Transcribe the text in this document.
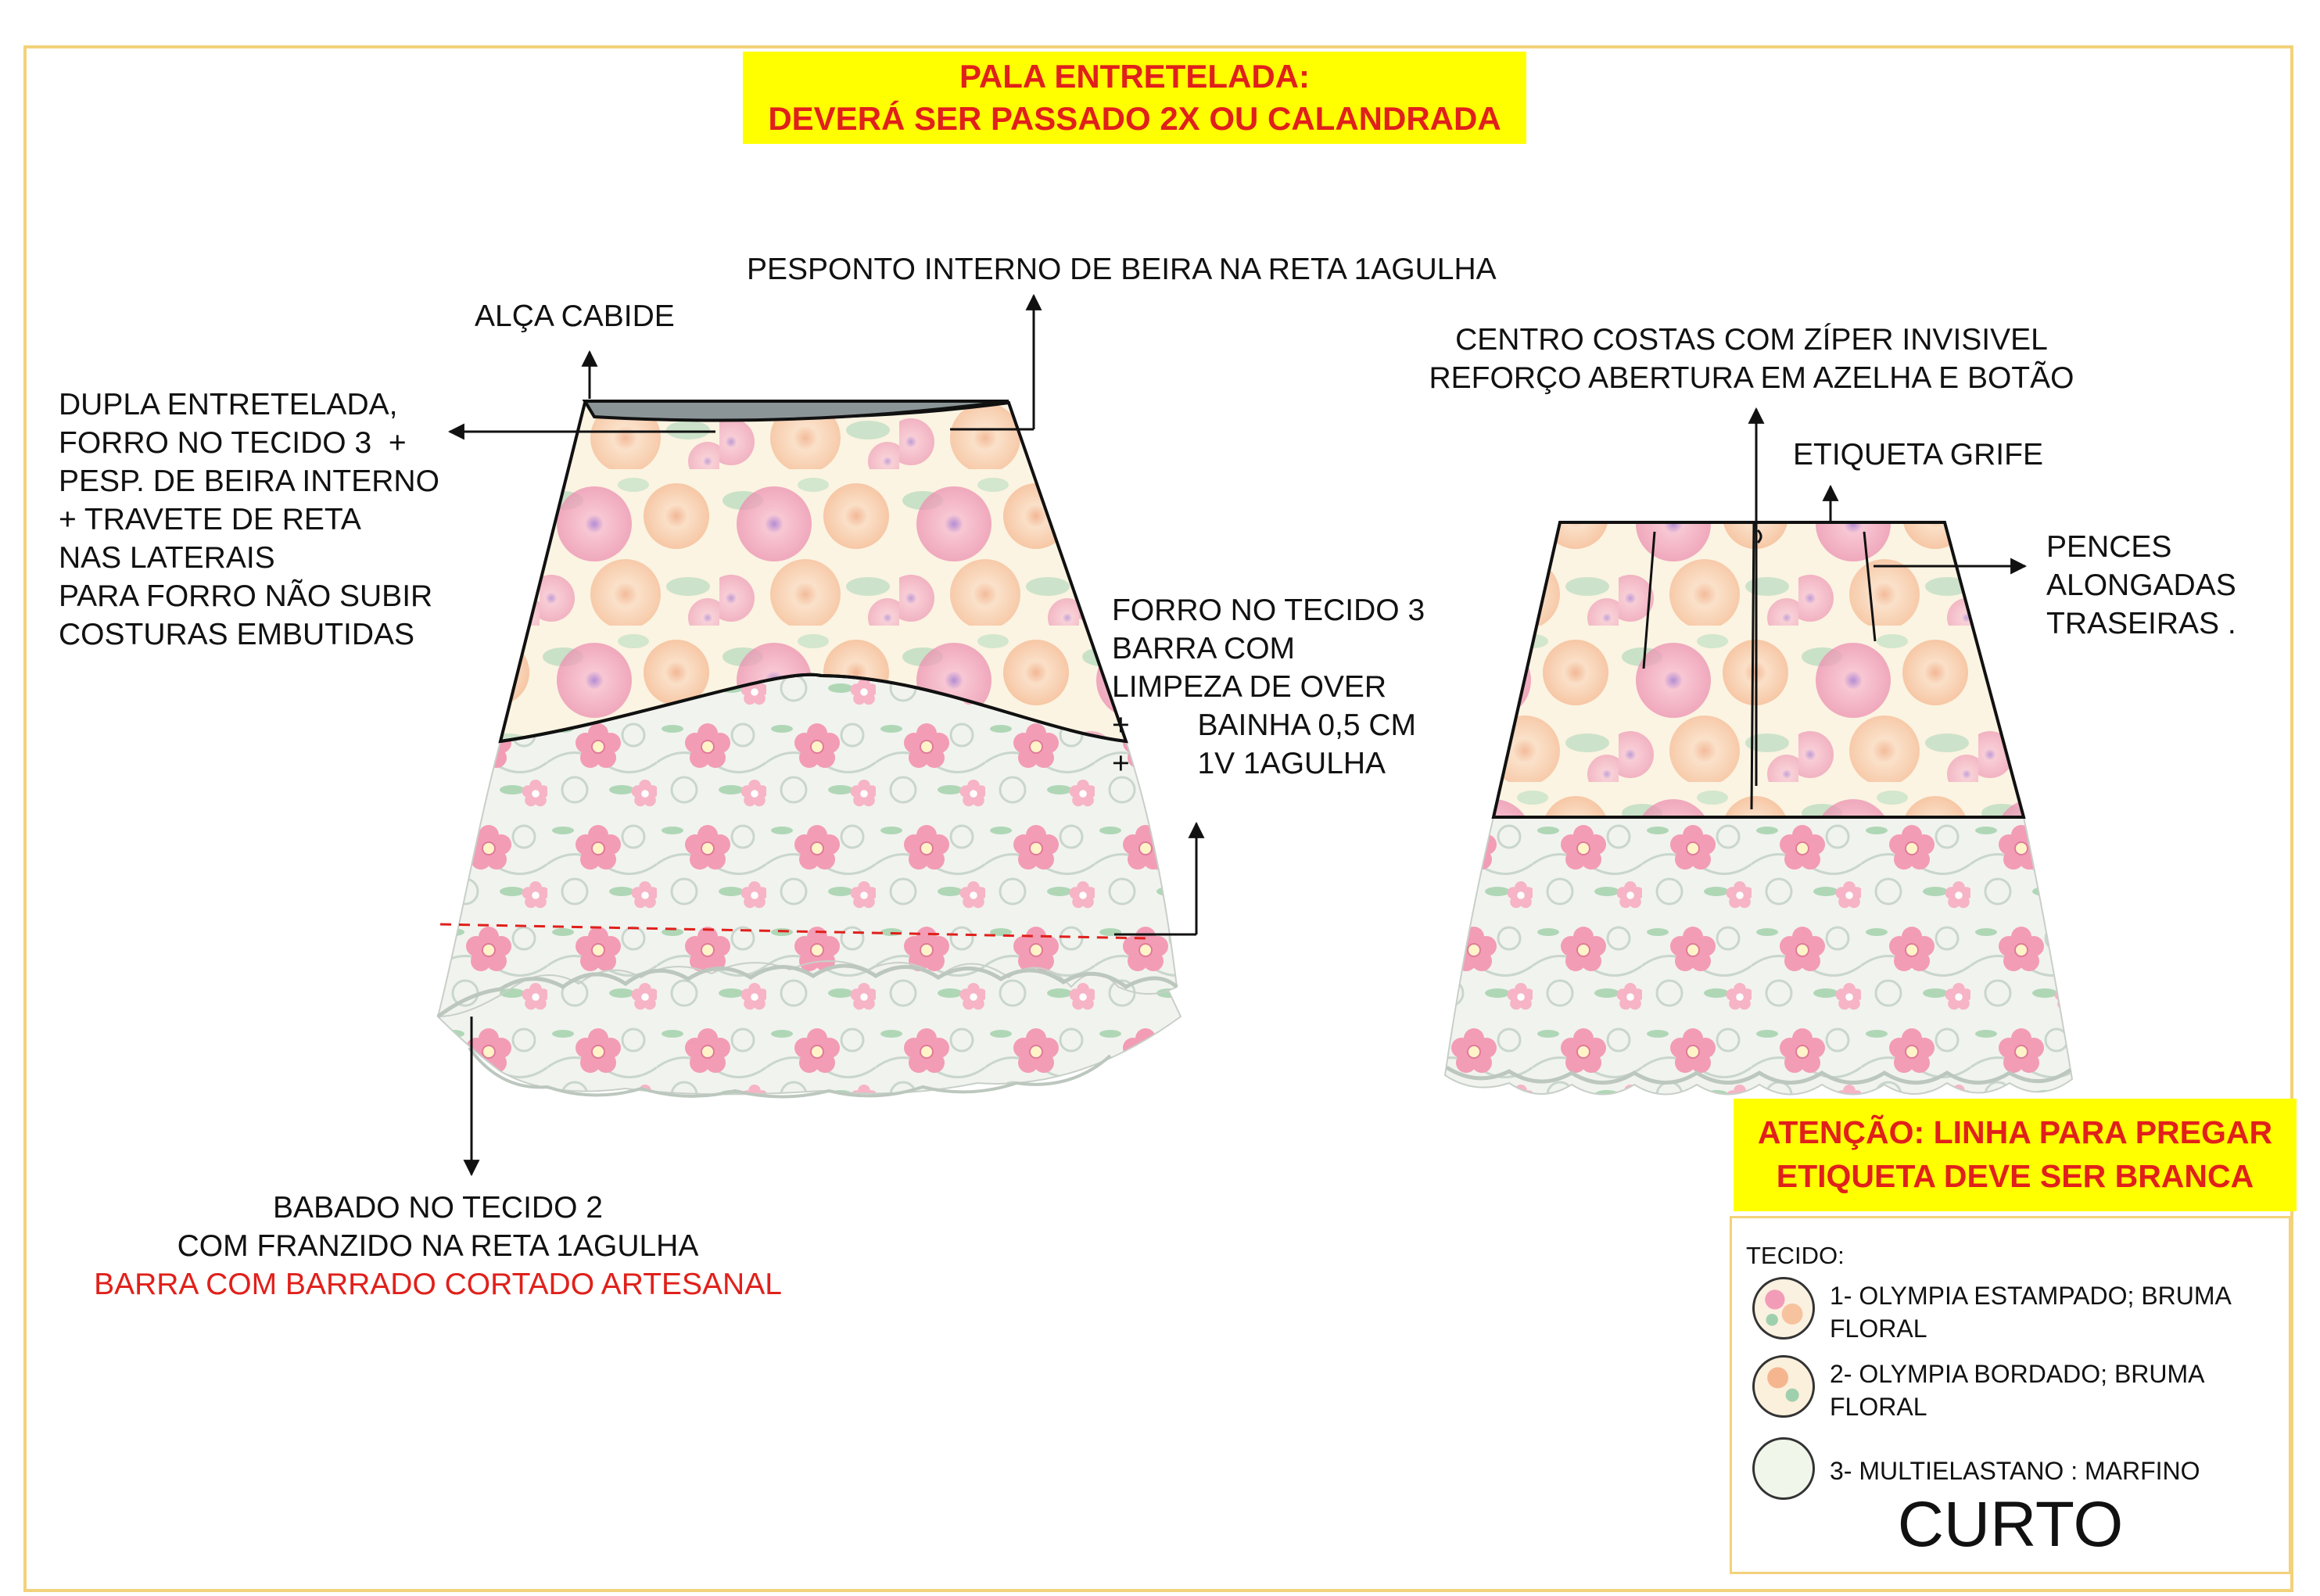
PALA ENTRETELADA:
DEVERÁ SER PASSADO 2X OU CALANDRADA
PESPONTO INTERNO DE BEIRA NA RETA 1AGULHA
ALÇA CABIDE
DUPLA ENTRETELADA,
FORRO NO TECIDO 3  +
PESP. DE BEIRA INTERNO
+ TRAVETE DE RETA
NAS LATERAIS
PARA FORRO NÃO SUBIR
COSTURAS EMBUTIDAS
FORRO NO TECIDO 3
BARRA COM
LIMPEZA DE OVER
+        BAINHA 0,5 CM
+        1V 1AGULHA
BABADO NO TECIDO 2
COM FRANZIDO NA RETA 1AGULHA
BARRA COM BARRADO CORTADO ARTESANAL
CENTRO COSTAS COM ZÍPER INVISIVEL
REFORÇO ABERTURA EM AZELHA E BOTÃO
ETIQUETA GRIFE
PENCES
ALONGADAS
TRASEIRAS .
ATENÇÃO: LINHA PARA PREGAR
ETIQUETA DEVE SER BRANCA
TECIDO:
1- OLYMPIA ESTAMPADO; BRUMA
FLORAL
2- OLYMPIA BORDADO; BRUMA
FLORAL
3- MULTIELASTANO : MARFINO
CURTO
